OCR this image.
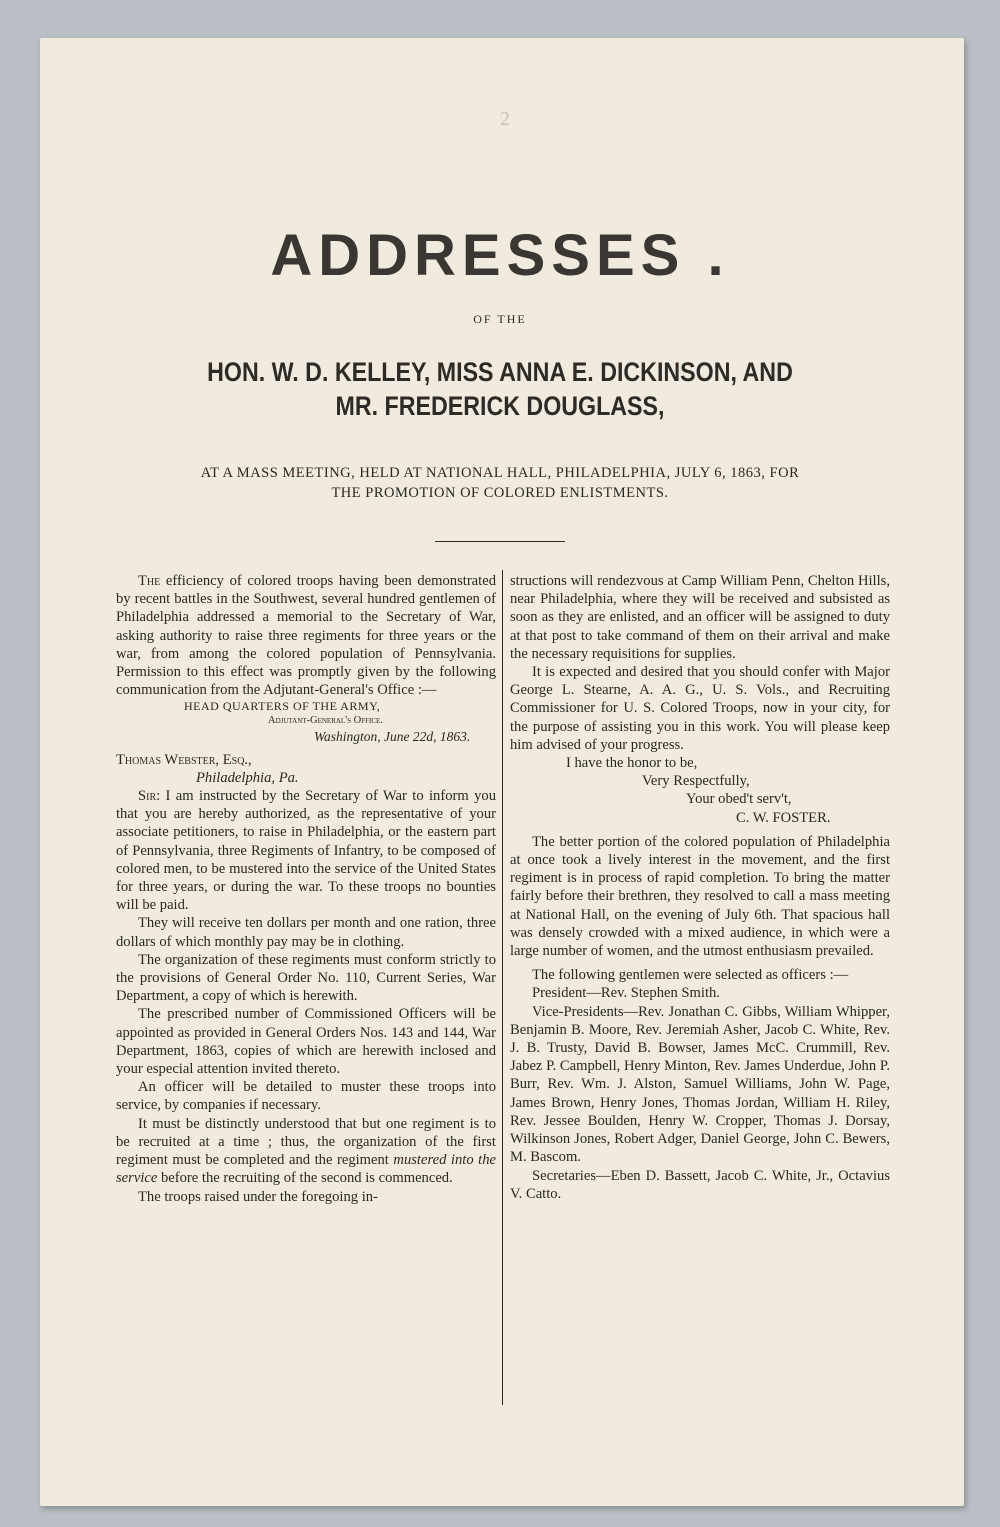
2
ADDRESSES .
OF THE
HON. W. D. KELLEY, MISS ANNA E. DICKINSON, AND
MR. FREDERICK DOUGLASS,
AT A MASS MEETING, HELD AT NATIONAL HALL, PHILADELPHIA, JULY 6, 1863, FOR
THE PROMOTION OF COLORED ENLISTMENTS.

The efficiency of colored troops having been demonstrated by recent battles in the Southwest, several hundred gentlemen of Philadelphia addressed a memorial to the Secretary of War, asking authority to raise three regiments for three years or the war, from among the colored population of Pennsylvania. Permission to this effect was promptly given by the following communication from the Adjutant-General's Office :—

HEAD QUARTERS OF THE ARMY,

Adjutant-General's Office.

Washington, June 22d, 1863.

Thomas Webster, Esq.,

Philadelphia, Pa.

Sir: I am instructed by the Secretary of War to inform you that you are hereby authorized, as the representative of your associate petitioners, to raise in Philadelphia, or the eastern part of Pennsylvania, three Regiments of Infantry, to be composed of colored men, to be mustered into the service of the United States for three years, or during the war. To these troops no bounties will be paid.

They will receive ten dollars per month and one ration, three dollars of which monthly pay may be in clothing.

The organization of these regiments must conform strictly to the provisions of General Order No. 110, Current Series, War Department, a copy of which is herewith.

The prescribed number of Commissioned Officers will be appointed as provided in General Orders Nos. 143 and 144, War Department, 1863, copies of which are herewith inclosed and your especial attention invited thereto.

An officer will be detailed to muster these troops into service, by companies if necessary.

It must be distinctly understood that but one regiment is to be recruited at a time ; thus, the organization of the first regiment must be completed and the regiment mustered into the service before the recruiting of the second is commenced.

The troops raised under the foregoing in-

structions will rendezvous at Camp William Penn, Chelton Hills, near Philadelphia, where they will be received and subsisted as soon as they are enlisted, and an officer will be assigned to duty at that post to take command of them on their arrival and make the necessary requisitions for supplies.

It is expected and desired that you should confer with Major George L. Stearne, A. A. G., U. S. Vols., and Recruiting Commissioner for U. S. Colored Troops, now in your city, for the purpose of assisting you in this work. You will please keep him advised of your progress.

I have the honor to be,

Very Respectfully,

Your obed't serv't,

C. W. FOSTER.

The better portion of the colored population of Philadelphia at once took a lively interest in the movement, and the first regiment is in process of rapid completion. To bring the matter fairly before their brethren, they resolved to call a mass meeting at National Hall, on the evening of July 6th. That spacious hall was densely crowded with a mixed audience, in which were a large number of women, and the utmost enthusiasm prevailed.

The following gentlemen were selected as officers :—

President—Rev. Stephen Smith.

Vice-Presidents—Rev. Jonathan C. Gibbs, William Whipper, Benjamin B. Moore, Rev. Jeremiah Asher, Jacob C. White, Rev. J. B. Trusty, David B. Bowser, James McC. Crummill, Rev. Jabez P. Campbell, Henry Minton, Rev. James Underdue, John P. Burr, Rev. Wm. J. Alston, Samuel Williams, John W. Page, James Brown, Henry Jones, Thomas Jordan, William H. Riley, Rev. Jessee Boulden, Henry W. Cropper, Thomas J. Dorsay, Wilkinson Jones, Robert Adger, Daniel George, John C. Bewers, M. Bascom.

Secretaries—Eben D. Bassett, Jacob C. White, Jr., Octavius V. Catto.
